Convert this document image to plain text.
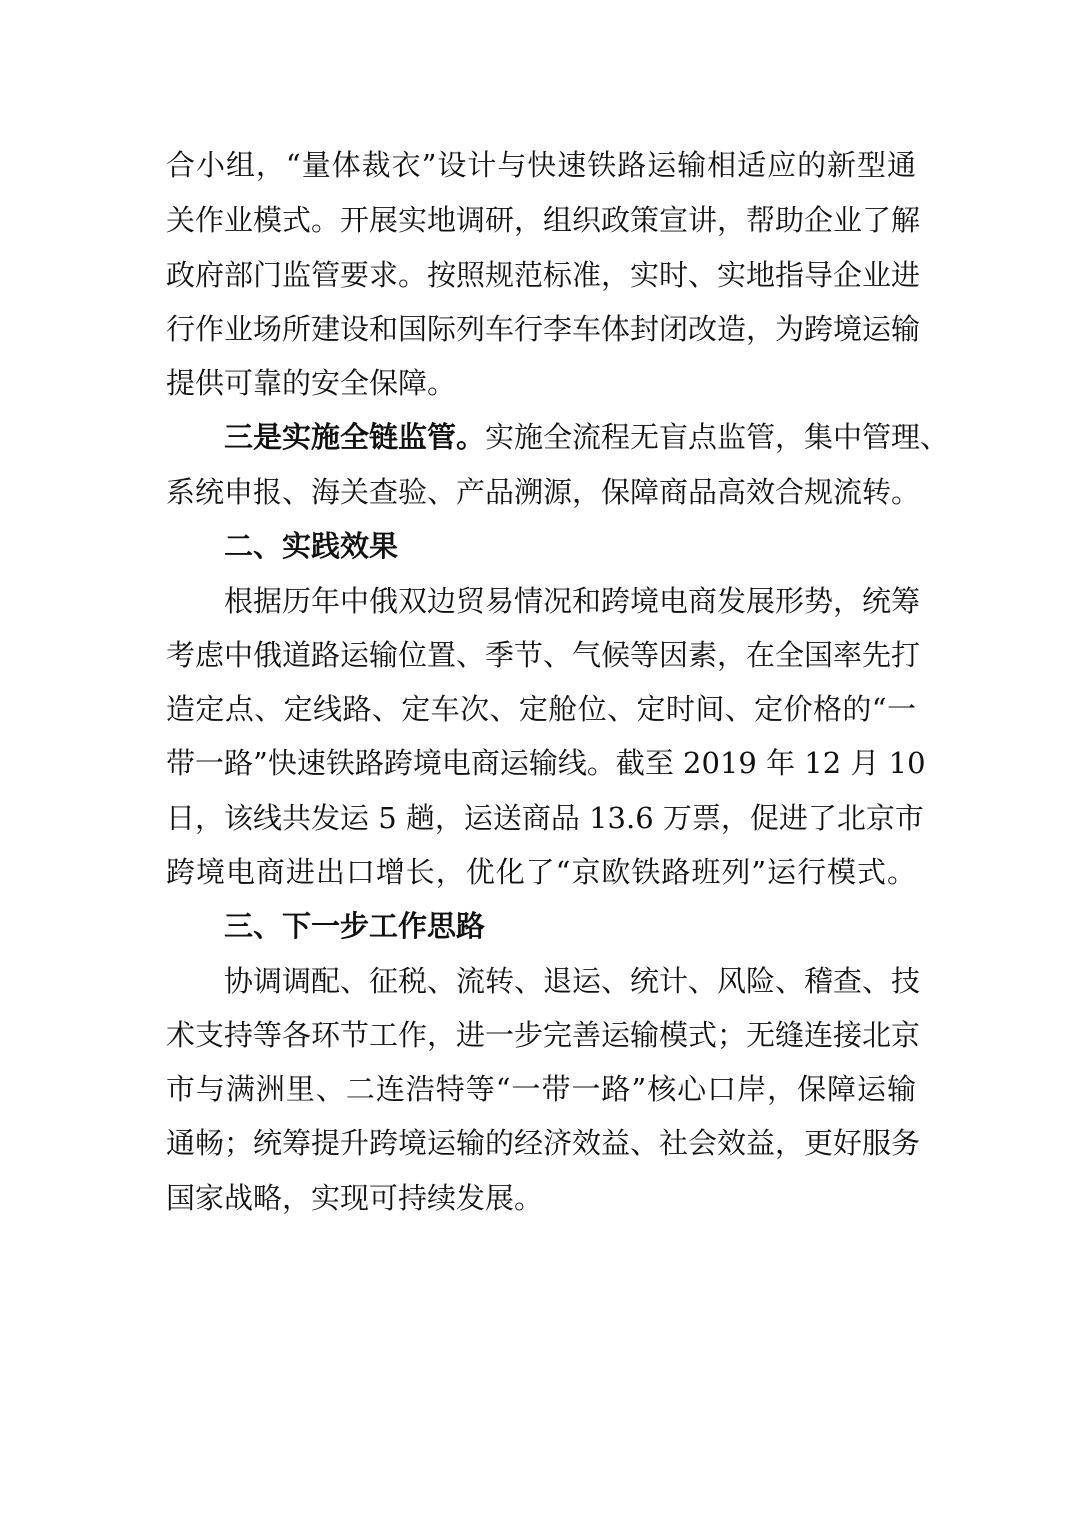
合小组，“量体裁衣”设计与快速铁路运输相适应的新型通
关作业模式。开展实地调研，组织政策宣讲，帮助企业了解
政府部门监管要求。按照规范标准，实时、实地指导企业进
行作业场所建设和国际列车行李车体封闭改造，为跨境运输
提供可靠的安全保障。
三是实施全链监管。实施全流程无盲点监管，集中管理、
系统申报、海关查验、产品溯源，保障商品高效合规流转。
二、实践效果
根据历年中俄双边贸易情况和跨境电商发展形势，统筹
考虑中俄道路运输位置、季节、气候等因素，在全国率先打
造定点、定线路、定车次、定舱位、定时间、定价格的“一
带一路”快速铁路跨境电商运输线。截至 2019 年 12 月 10
日，该线共发运 5 趟，运送商品 13.6 万票，促进了北京市
跨境电商进出口增长，优化了“京欧铁路班列”运行模式。
三、下一步工作思路
协调调配、征税、流转、退运、统计、风险、稽查、技
术支持等各环节工作，进一步完善运输模式；无缝连接北京
市与满洲里、二连浩特等“一带一路”核心口岸，保障运输
通畅；统筹提升跨境运输的经济效益、社会效益，更好服务
国家战略，实现可持续发展。
